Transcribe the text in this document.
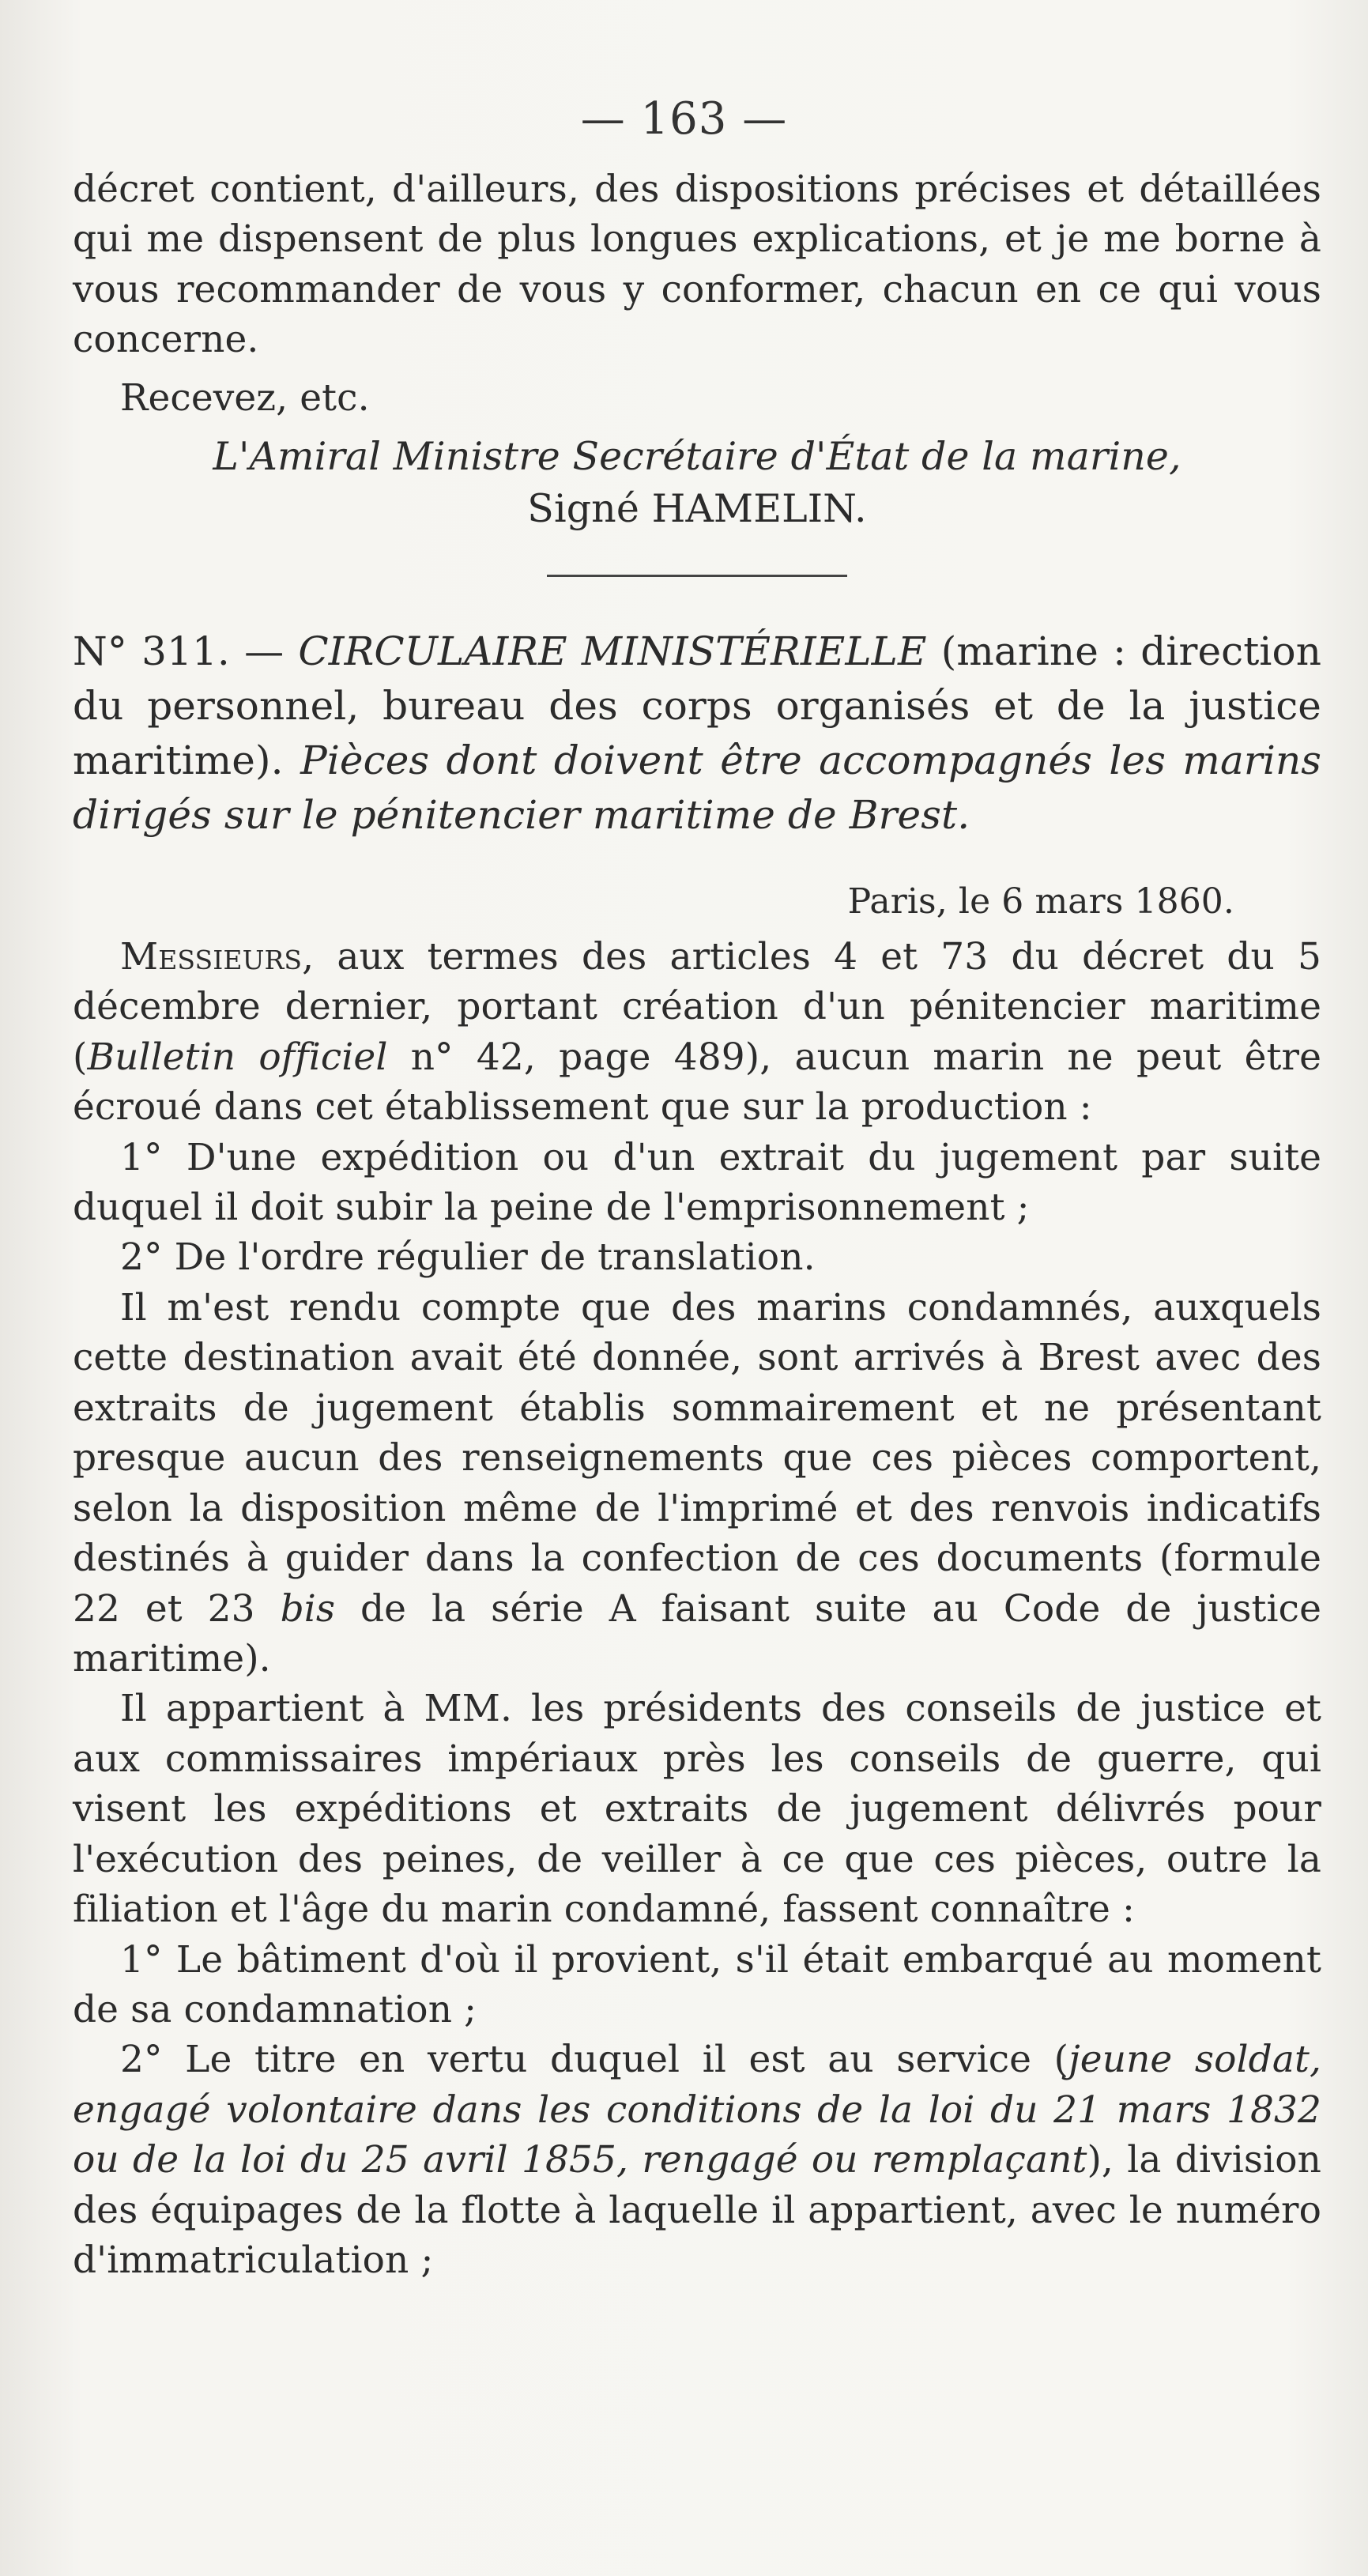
— 163 —

décret contient, d'ailleurs, des dispositions précises et détaillées qui me dispensent de plus longues explications, et je me borne à vous recommander de vous y conformer, chacun en ce qui vous concerne.

Recevez, etc.

L'Amiral Ministre Secrétaire d'État de la marine,
Signé HAMELIN.

N° 311. — CIRCULAIRE MINISTÉRIELLE (marine : direction du personnel, bureau des corps organisés et de la justice maritime). Pièces dont doivent être accompagnés les marins dirigés sur le pénitencier maritime de Brest.

Paris, le 6 mars 1860.

Messieurs, aux termes des articles 4 et 73 du décret du 5 décembre dernier, portant création d'un pénitencier maritime (Bulletin officiel n° 42, page 489), aucun marin ne peut être écroué dans cet établissement que sur la production :

1° D'une expédition ou d'un extrait du jugement par suite duquel il doit subir la peine de l'emprisonnement ;

2° De l'ordre régulier de translation.

Il m'est rendu compte que des marins condamnés, auxquels cette destination avait été donnée, sont arrivés à Brest avec des extraits de jugement établis sommairement et ne présentant presque aucun des renseignements que ces pièces comportent, selon la disposition même de l'imprimé et des renvois indicatifs destinés à guider dans la confection de ces documents (formule 22 et 23 bis de la série A faisant suite au Code de justice maritime).

Il appartient à MM. les présidents des conseils de justice et aux commissaires impériaux près les conseils de guerre, qui visent les expéditions et extraits de jugement délivrés pour l'exécution des peines, de veiller à ce que ces pièces, outre la filiation et l'âge du marin condamné, fassent connaître :

1° Le bâtiment d'où il provient, s'il était embarqué au moment de sa condamnation ;

2° Le titre en vertu duquel il est au service (jeune soldat, engagé volontaire dans les conditions de la loi du 21 mars 1832 ou de la loi du 25 avril 1855, rengagé ou remplaçant), la division des équipages de la flotte à laquelle il appartient, avec le numéro d'immatriculation ;
